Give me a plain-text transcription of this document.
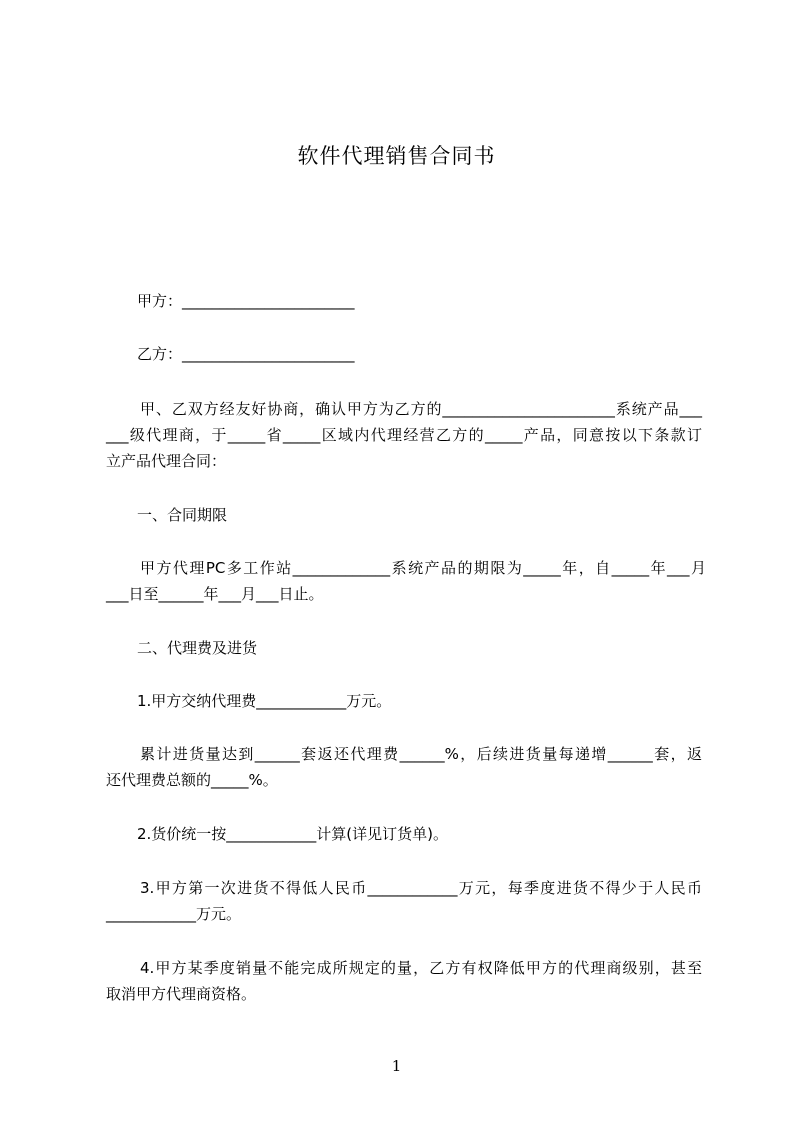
软件代理销售合同书

甲方：_______________________

乙方：_______________________

甲、乙双方经友好协商，确认甲方为乙方的_______________________系统产品___

___级代理商，于_____省_____区域内代理经营乙方的_____产品，同意按以下条款订

立产品代理合同：

一、合同期限

甲方代理PC多工作站_____________系统产品的期限为_____年，自_____年___月

___日至______年___月___日止。

二、代理费及进货

1.甲方交纳代理费____________万元。

累计进货量达到______套返还代理费______%，后续进货量每递增______套，返

还代理费总额的_____%。

2.货价统一按____________计算(详见订货单)。

3.甲方第一次进货不得低人民币____________万元，每季度进货不得少于人民币

____________万元。

4.甲方某季度销量不能完成所规定的量，乙方有权降低甲方的代理商级别，甚至

取消甲方代理商资格。

1
